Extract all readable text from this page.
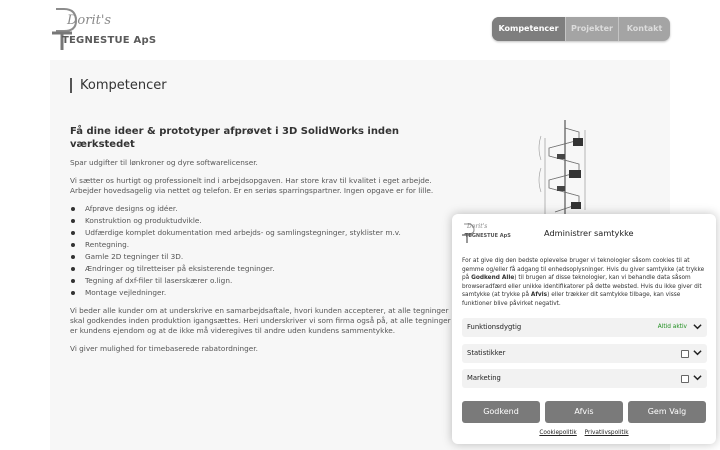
Dorit's
TEGNESTUE ApS
Kompetencer	Projekter	Kontakt
Kompetencer
Få dine ideer & prototyper afprøvet i 3D SolidWorks inden værkstedet

Spar udgifter til lønkroner og dyre softwarelicenser.

Vi sætter os hurtigt og professionelt ind i arbejdsopgaven. Har store krav til kvalitet i eget arbejde. Arbejder hovedsagelig via nettet og telefon. Er en seriøs sparringspartner. Ingen opgave er for lille.

Afprøve designs og idéer.
Konstruktion og produktudvikle.
Udfærdige komplet dokumentation med arbejds- og samlingstegninger, styklister m.v.
Rentegning.
Gamle 2D tegninger til 3D.
Ændringer og tilretteiser på eksisterende tegninger.
Tegning af dxf-filer til laserskærer o.lign.
Montage vejledninger.

Vi beder alle kunder om at underskrive en samarbejdsaftale, hvori kunden accepterer, at alle tegninger skal godkendes inden produktion igangsættes. Heri underskriver vi som firma også på, at alle tegninger er kundens ejendom og at de ikke må videregives til andre uden kundens sammentykke.

Vi giver mulighed for timebaserede rabatordninger.

Dorit's
TEGNESTUE ApS	Administrer samtykke
For at give dig den bedste oplevelse bruger vi teknologier såsom cookies til at gemme og/eller få adgang til enhedsoplysninger. Hvis du giver samtykke (at trykke på Godkend Alle) til brugen af disse teknologier, kan vi behandle data såsom browseradfærd eller unikke identifikatorer på dette websted. Hvis du ikke giver dit samtykke (at trykke på Afvis) eller trækker dit samtykke tilbage, kan visse funktioner blive påvirket negativt.
Funktionsdygtig	Altid aktiv
Statistikker
Marketing
Godkend	Afvis	Gem Valg
Cookiepolitik Privatlivspolitik
